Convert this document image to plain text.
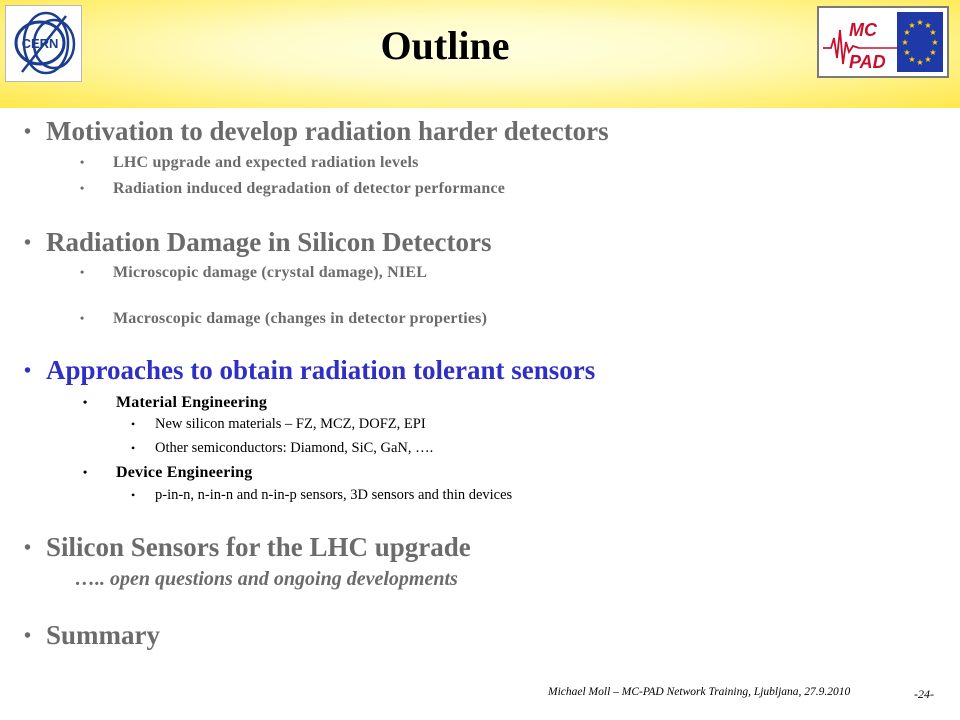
CERN	Outline	MC
PAD
★ ★
★
★
★
★
★
★
★
★
★
★
• Motivation to develop radiation harder detectors
• LHC upgrade and expected radiation levels
• Radiation induced degradation of detector performance
• Radiation Damage in Silicon Detectors
• Microscopic damage (crystal damage), NIEL
• Macroscopic damage (changes in detector properties)
• Approaches to obtain radiation tolerant sensors
• Material Engineering
• New silicon materials – FZ, MCZ, DOFZ, EPI
• Other semiconductors: Diamond, SiC, GaN, ….
• Device Engineering
• p-in-n, n-in-n and n-in-p sensors, 3D sensors and thin devices
• Silicon Sensors for the LHC upgrade
….. open questions and ongoing developments
• Summary
Michael Moll – MC-PAD Network Training, Ljubljana, 27.9.2010	-24-
